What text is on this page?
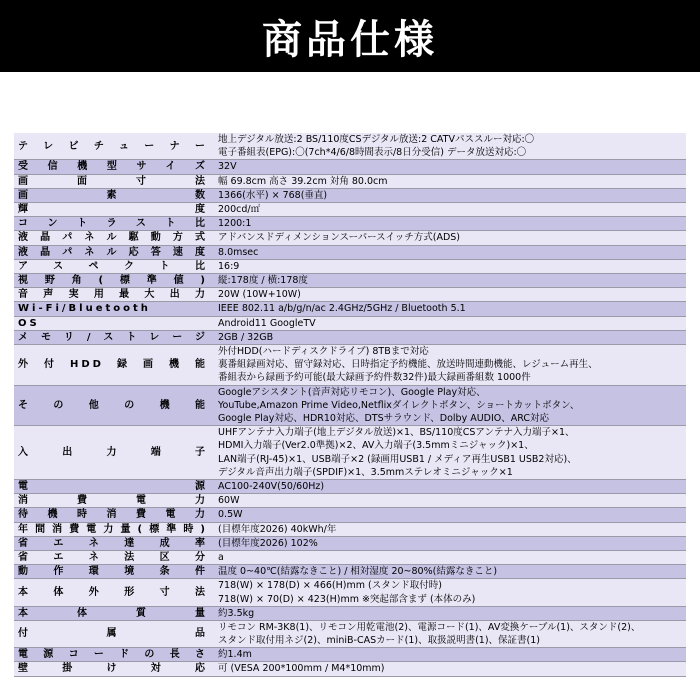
商品仕様
テレビチューナー	地上デジタル放送:2 BS/110度CSデジタル放送:2 CATVパススルー対応:〇
電子番組表(EPG):〇(7ch*4/6/8時間表示/8日分受信) データ放送対応:〇

受信機型サイズ	32V

画面寸法	幅 69.8cm 高さ 39.2cm 対角 80.0cm

画素数	1366(水平) × 768(垂直)

輝度	200cd/㎡

コントラスト比	1200:1

液晶パネル駆動方式	アドバンスドディメンションスーパースイッチ方式(ADS)

液晶パネル応答速度	8.0msec

アスペクト比	16:9

視野角(標準値)	縦:178度 / 横:178度

音声実用最大出力	20W (10W+10W)

Wi-Fi/Bluetooth	IEEE 802.11 a/b/g/n/ac 2.4GHz/5GHz / Bluetooth 5.1

OS	Android11 GoogleTV

メモリ/ストレージ	2GB / 32GB

外付HDD録画機能	外付HDD(ハードディスクドライブ) 8TBまで対応
裏番組録画対応、留守録対応、日時指定予約機能、放送時間連動機能、レジューム再生、
番組表から録画予約可能(最大録画予約件数32件)最大録画番組数 1000件

その他の機能	Googleアシスタント(音声対応リモコン)、Google Play対応、
YouTube,Amazon Prime Video,Netflixダイレクトボタン、ショートカットボタン、
Google Play対応、HDR10対応、DTSサラウンド、Dolby AUDIO、ARC対応

入出力端子	UHFアンテナ入力端子(地上デジタル放送)×1、BS/110度CSアンテナ入力端子×1、
HDMI入力端子(Ver2.0準拠)×2、AV入力端子(3.5mmミニジャック)×1、
LAN端子(RJ-45)×1、USB端子×2 (録画用USB1 / メディア再生USB1 USB2対応)、
デジタル音声出力端子(SPDIF)×1、3.5mmステレオミニジャック×1

電源	AC100-240V(50/60Hz)

消費電力	60W

待機時消費電力	0.5W

年間消費電力量(標準時)	(目標年度2026) 40kWh/年

省エネ達成率	(目標年度2026) 102%

省エネ法区分	a

動作環境条件	温度 0~40℃(結露なきこと) / 相対湿度 20~80%(結露なきこと)

本体外形寸法	718(W) × 178(D) × 466(H)mm (スタンド取付時)
718(W) × 70(D) × 423(H)mm ※突起部含まず (本体のみ)

本体質量	約3.5kg

付属品	リモコン RM-3K8(1)、リモコン用乾電池(2)、電源コード(1)、AV変換ケーブル(1)、スタンド(2)、
スタンド取付用ネジ(2)、miniB-CASカード(1)、取扱説明書(1)、保証書(1)

電源コードの長さ	約1.4m

壁掛け対応	可 (VESA 200*100mm / M4*10mm)
